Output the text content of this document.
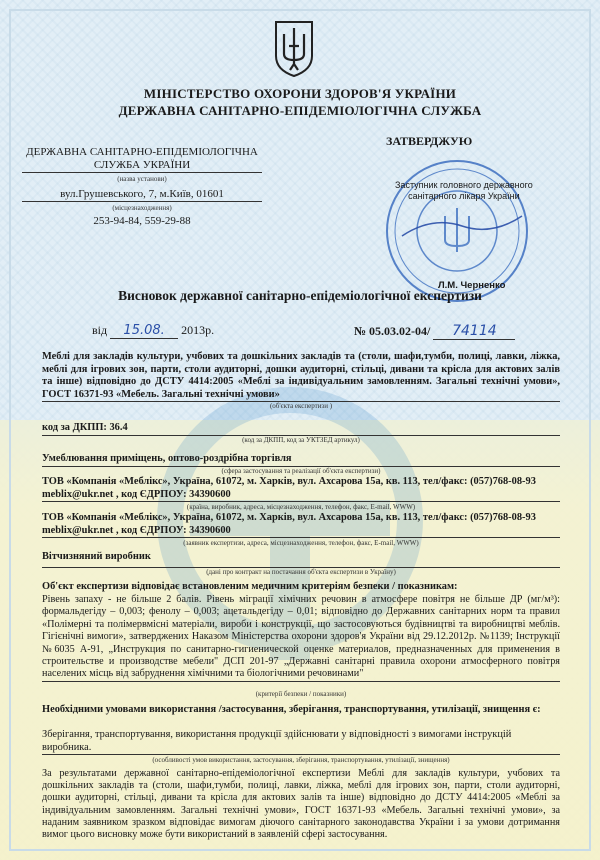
МІНІСТЕРСТВО ОХОРОНИ ЗДОРОВ'Я УКРАЇНИ
ДЕРЖАВНА САНІТАРНО-ЕПІДЕМІОЛОГІЧНА СЛУЖБА
ДЕРЖАВНА САНІТАРНО-ЕПІДЕМІОЛОГІЧНА
СЛУЖБА УКРАЇНИ
(назва установи)
вул.Грушевського, 7, м.Київ, 01601
(місцезнаходження)
253-94-84, 559-29-88
ЗАТВЕРДЖУЮ
Заступник головного державного
санітарного лікаря України
Л.М. Черненко
Висновок державної санітарно-епідеміологічної експертизи
від 15.08. 2013р.	№ 05.03.02-04/ 74114
Меблі для закладів культури, учбових та дошкільних закладів та (столи, шафи,тумби, полиці, лавки, ліжка, меблі для ігрових зон, парти, столи аудиторні, дошки аудиторні, стільці, дивани та крісла для актових залів та інше) відповідно до ДСТУ 4414:2005 «Меблі за індивідуальним замовленням. Загальні технічні умови», ГОСТ 16371-93 «Мебель. Загальні технічні умови»
(об'єкта експертизи )
код за ДКПП: 36.4
(код за ДКПП, код за УКТЗЕД артикул)
Умеблювання приміщень, оптово-роздрібна торгівля
(сфера застосування та реалізації об'єкта експертизи)
ТОВ «Компанія «Меблікс», Україна, 61072, м. Харків, вул. Ахсарова 15а, кв. 113, тел/факс: (057)768-08-93 meblix@ukr.net , код ЄДРПОУ: 34390600
(країна, виробник, адреса, місцезнаходження, телефон, факс, E-mail, WWW)
ТОВ «Компанія «Меблікс», Україна, 61072, м. Харків, вул. Ахсарова 15а, кв. 113, тел/факс: (057)768-08-93 meblix@ukr.net , код ЄДРПОУ: 34390600
(заявник експертизи, адреса, місцезнаходження, телефон, факс, E-mail, WWW)
Вітчизняний виробник
(дані про контракт на постачання об'єкта експертизи в Україну)
Об'єкт експертизи відповідає встановленим медичним критеріям безпеки / показникам:
Рівень запаху - не більше 2 балів. Рівень міграції хімічних речовин в атмосфере повітря не більше ДР (мг/м³): формальдегіду – 0,003; фенолу – 0,003; ацетальдегіду – 0,01; відповідно до Державних санітарних норм та правил «Полімерні та полімервмісні матеріали, вироби і конструкції, що застосовуються будівництві та виробництві меблів. Гігієнічні вимоги», затверджених Наказом Міністерства охорони здоров'я України від 29.12.2012р. №1139; Інструкції №6035 А-91, „Инструкция по санитарно-гигиенической оценке материалов, предназначенных для применения в строительстве и производстве мебели" ДСП 201-97 „Державні санітарні правила охорони атмосферного повітря населених місць від забруднення хімічними та біологічними речовинами"
(критерії безпеки / показники)
Необхідними умовами використання /застосування, зберігання, транспортування, утилізації, знищення є:
Зберігання, транспортування, використання продукції здійснювати у відповідності з вимогами інструкцій виробника.
(особливості умов використання, застосування, зберігання, транспортування, утилізації, знищення)
За результатами державної санітарно-епідеміологічної експертизи Меблі для закладів культури, учбових та дошкільних закладів та (столи, шафи,тумби, полиці, лавки, ліжка, меблі для ігрових зон, парти, столи аудиторні, дошки аудиторні, стільці, дивани та крісла для актових залів та інше) відповідно до ДСТУ 4414:2005 «Меблі за індивідуальним замовленням. Загальні технічні умови», ГОСТ 16371-93 «Мебель. Загальні технічні умови», за наданим заявником зразком відповідає вимогам діючого санітарного законодавства України і за умови дотримання вимог цього висновку може бути використаний в заявленій сфері застосування.
